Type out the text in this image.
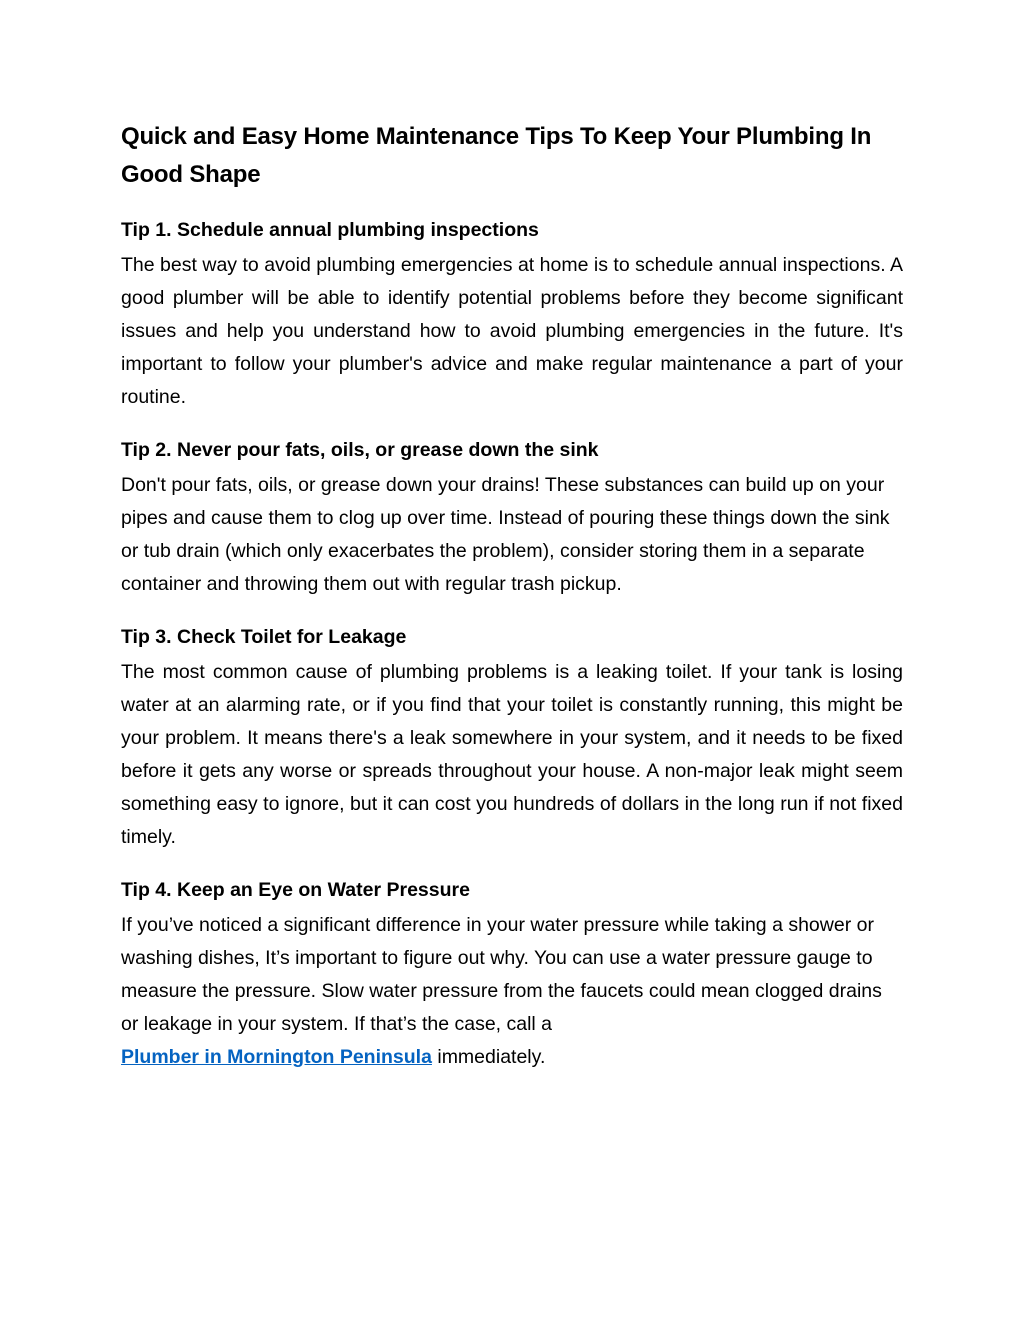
Quick and Easy Home Maintenance Tips To Keep Your Plumbing In Good Shape
Tip 1. Schedule annual plumbing inspections

The best way to avoid plumbing emergencies at home is to schedule annual inspections. A good plumber will be able to identify potential problems before they become significant issues and help you understand how to avoid plumbing emergencies in the future. It's important to follow your plumber's advice and make regular maintenance a part of your routine.

Tip 2. Never pour fats, oils, or grease down the sink

Don't pour fats, oils, or grease down your drains! These substances can build up on your pipes and cause them to clog up over time. Instead of pouring these things down the sink or tub drain (which only exacerbates the problem), consider storing them in a separate container and throwing them out with regular trash pickup.

Tip 3. Check Toilet for Leakage

The most common cause of plumbing problems is a leaking toilet. If your tank is losing water at an alarming rate, or if you find that your toilet is constantly running, this might be your problem. It means there's a leak somewhere in your system, and it needs to be fixed before it gets any worse or spreads throughout your house. A non-major leak might seem something easy to ignore, but it can cost you hundreds of dollars in the long run if not fixed timely.

Tip 4. Keep an Eye on Water Pressure

If you’ve noticed a significant difference in your water pressure while taking a shower or washing dishes, It’s important to figure out why. You can use a water pressure gauge to measure the pressure. Slow water pressure from the faucets could mean clogged drains or leakage in your system. If that’s the case, call a
Plumber in Mornington Peninsula immediately.
